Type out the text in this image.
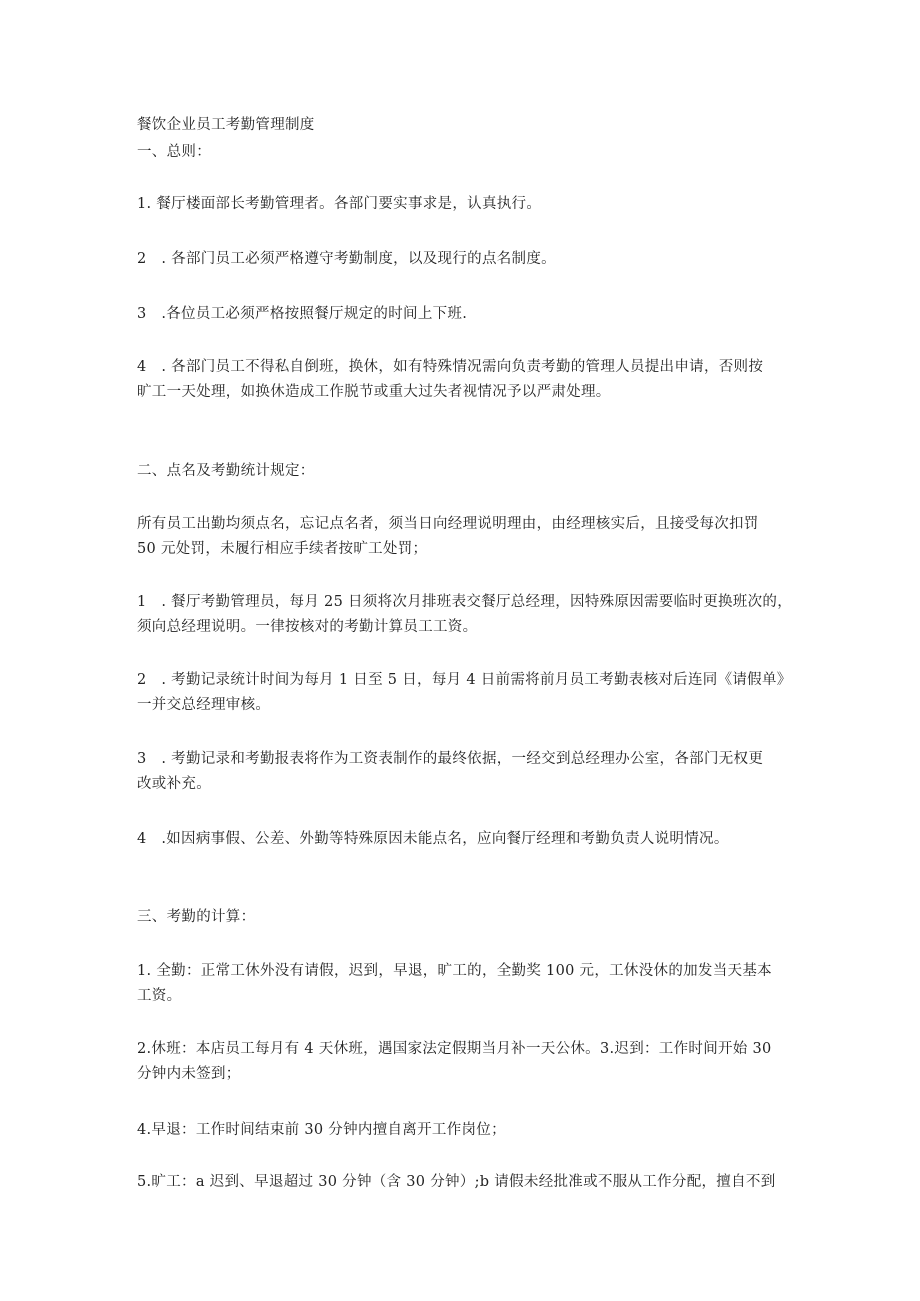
餐饮企业员工考勤管理制度
一、总则：
1. 餐厅楼面部长考勤管理者。各部门要实事求是，认真执行。
2　. 各部门员工必须严格遵守考勤制度，以及现行的点名制度。
3　.各位员工必须严格按照餐厅规定的时间上下班.
4　. 各部门员工不得私自倒班，换休，如有特殊情况需向负责考勤的管理人员提出申请，否则按
旷工一天处理，如换休造成工作脱节或重大过失者视情况予以严肃处理。
二、点名及考勤统计规定：
所有员工出勤均须点名，忘记点名者，须当日向经理说明理由，由经理核实后，且接受每次扣罚
50 元处罚，未履行相应手续者按旷工处罚；
1　. 餐厅考勤管理员，每月 25 日须将次月排班表交餐厅总经理，因特殊原因需要临时更换班次的，
须向总经理说明。一律按核对的考勤计算员工工资。
2　. 考勤记录统计时间为每月 1 日至 5 日，每月 4 日前需将前月员工考勤表核对后连同《请假单》
一并交总经理审核。
3　. 考勤记录和考勤报表将作为工资表制作的最终依据，一经交到总经理办公室，各部门无权更
改或补充。
4　.如因病事假、公差、外勤等特殊原因未能点名，应向餐厅经理和考勤负责人说明情况。
三、考勤的计算：
1. 全勤：正常工休外没有请假，迟到，早退，旷工的，全勤奖 100 元，工休没休的加发当天基本
工资。
2.休班：本店员工每月有 4 天休班，遇国家法定假期当月补一天公休。3.迟到：工作时间开始 30
分钟内未签到；
4.早退：工作时间结束前 30 分钟内擅自离开工作岗位；
5.旷工：a 迟到、早退超过 30 分钟（含 30 分钟）;b 请假未经批准或不服从工作分配，擅自不到
